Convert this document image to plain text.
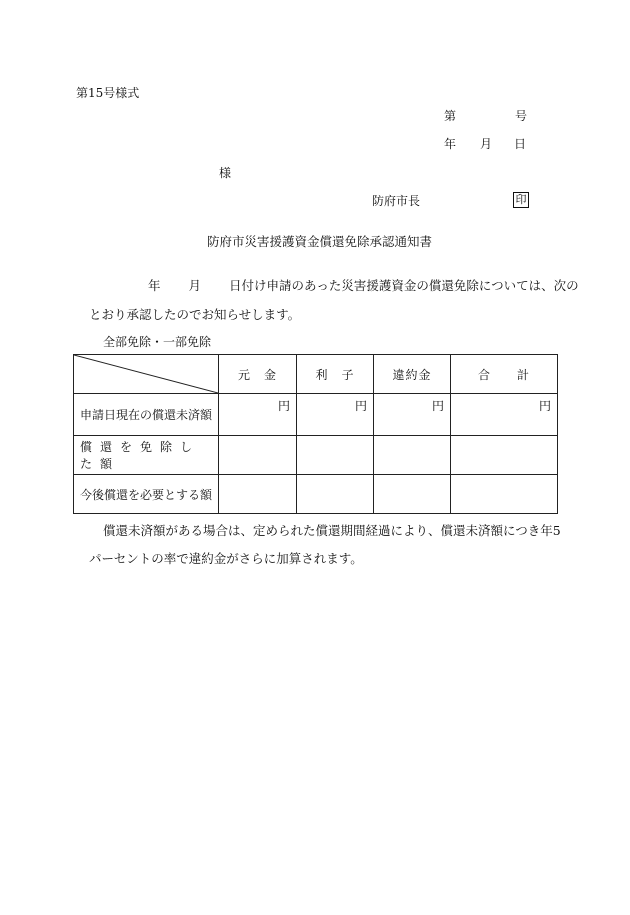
第15号様式
第	号
年 月 日
様
防府市長	印
防府市災害援護資金償還免除承認通知書
年 月 日付け申請のあった災害援護資金の償還免除については、次の
とおり承認したのでお知らせします。
全部免除・一部免除
	元　金	利　子	違約金	合　　計
申請日現在の償還未済額	円	円	円	円
償還を免除した額				
今後償還を必要とする額				
償還未済額がある場合は、定められた償還期間経過により、償還未済額につき年5
パーセントの率で違約金がさらに加算されます。
